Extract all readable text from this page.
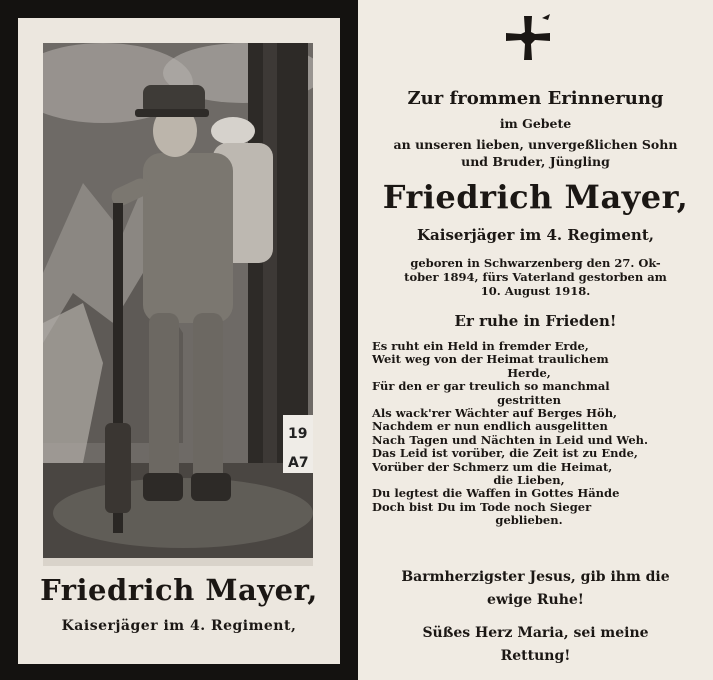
19
A7
Friedrich Mayer,
Kaiserjäger im 4. Regiment,
Zur frommen Erinnerung
im Gebete
an unseren lieben, unvergeßlichen Sohn
und Bruder, Jüngling
Friedrich Mayer,
Kaiserjäger im 4. Regiment,
geboren in Schwarzenberg den 27. Ok-
tober 1894, fürs Vaterland gestorben am
10. August 1918.
Er ruhe in Frieden!
Es ruht ein Held in fremder Erde,
Weit weg von der Heimat traulichem
Herde,
Für den er gar treulich so manchmal
gestritten
Als wack'rer Wächter auf Berges Höh,
Nachdem er nun endlich ausgelitten
Nach Tagen und Nächten in Leid und Weh.
Das Leid ist vorüber, die Zeit ist zu Ende,
Vorüber der Schmerz um die Heimat,
die Lieben,
Du legtest die Waffen in Gottes Hände
Doch bist Du im Tode noch Sieger
geblieben.
Barmherzigster Jesus, gib ihm die
ewige Ruhe!
Süßes Herz Maria, sei meine
Rettung!
